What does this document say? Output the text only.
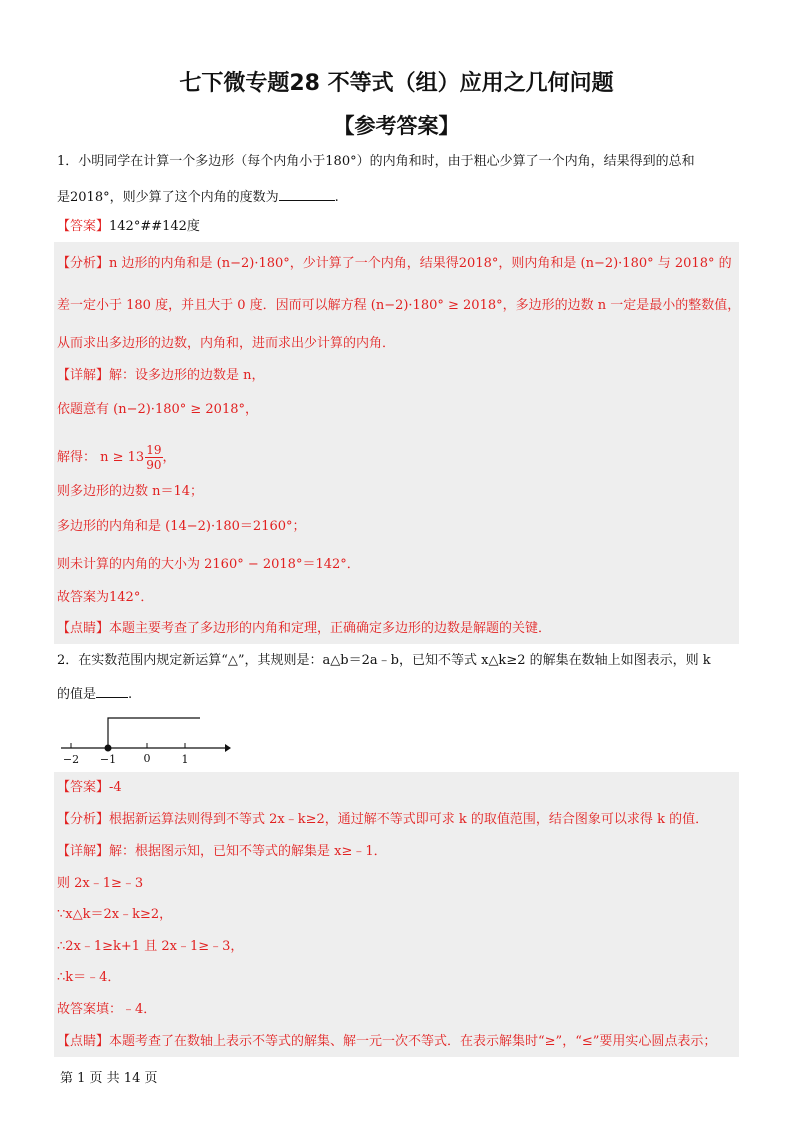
七下微专题28 不等式（组）应用之几何问题
【参考答案】
1．小明同学在计算一个多边形（每个内角小于180°）的内角和时，由于粗心少算了一个内角，结果得到的总和
是2018°，则少算了这个内角的度数为	.
【答案】142°##142度
【分析】n 边形的内角和是 (n−2)·180°，少计算了一个内角，结果得2018°，则内角和是 (n−2)·180° 与 2018° 的
差一定小于 180 度，并且大于 0 度．因而可以解方程 (n−2)·180° ≥ 2018°，多边形的边数 n 一定是最小的整数值，
从而求出多边形的边数，内角和，进而求出少计算的内角．
【详解】解：设多边形的边数是 n，
依题意有 (n−2)·180° ≥ 2018°，
解得： $n \ge 13 \frac{19}{90}$ ，
则多边形的边数 n＝14；
多边形的内角和是 (14−2)·180＝2160°；
则未计算的内角的大小为 2160° − 2018°＝142°．
故答案为142°．
【点睛】本题主要考查了多边形的内角和定理，正确确定多边形的边数是解题的关键．
2．在实数范围内规定新运算“△”，其规则是：a△b＝2a﹣b，已知不等式 x△k≥2 的解集在数轴上如图表示，则 k
的值是 .
−2 −1 0	1
【答案】-4
【分析】根据新运算法则得到不等式 2x﹣k≥2，通过解不等式即可求 k 的取值范围，结合图象可以求得 k 的值．
【详解】解：根据图示知，已知不等式的解集是 x≥﹣1．
则 2x﹣1≥﹣3
∵x△k＝2x﹣k≥2，
∴2x﹣1≥k+1 且 2x﹣1≥﹣3，
∴k＝﹣4．
故答案填：﹣4．
【点睛】本题考查了在数轴上表示不等式的解集、解一元一次不等式．在表示解集时“≥”，“≤”要用实心圆点表示；
第 1 页 共 14 页
